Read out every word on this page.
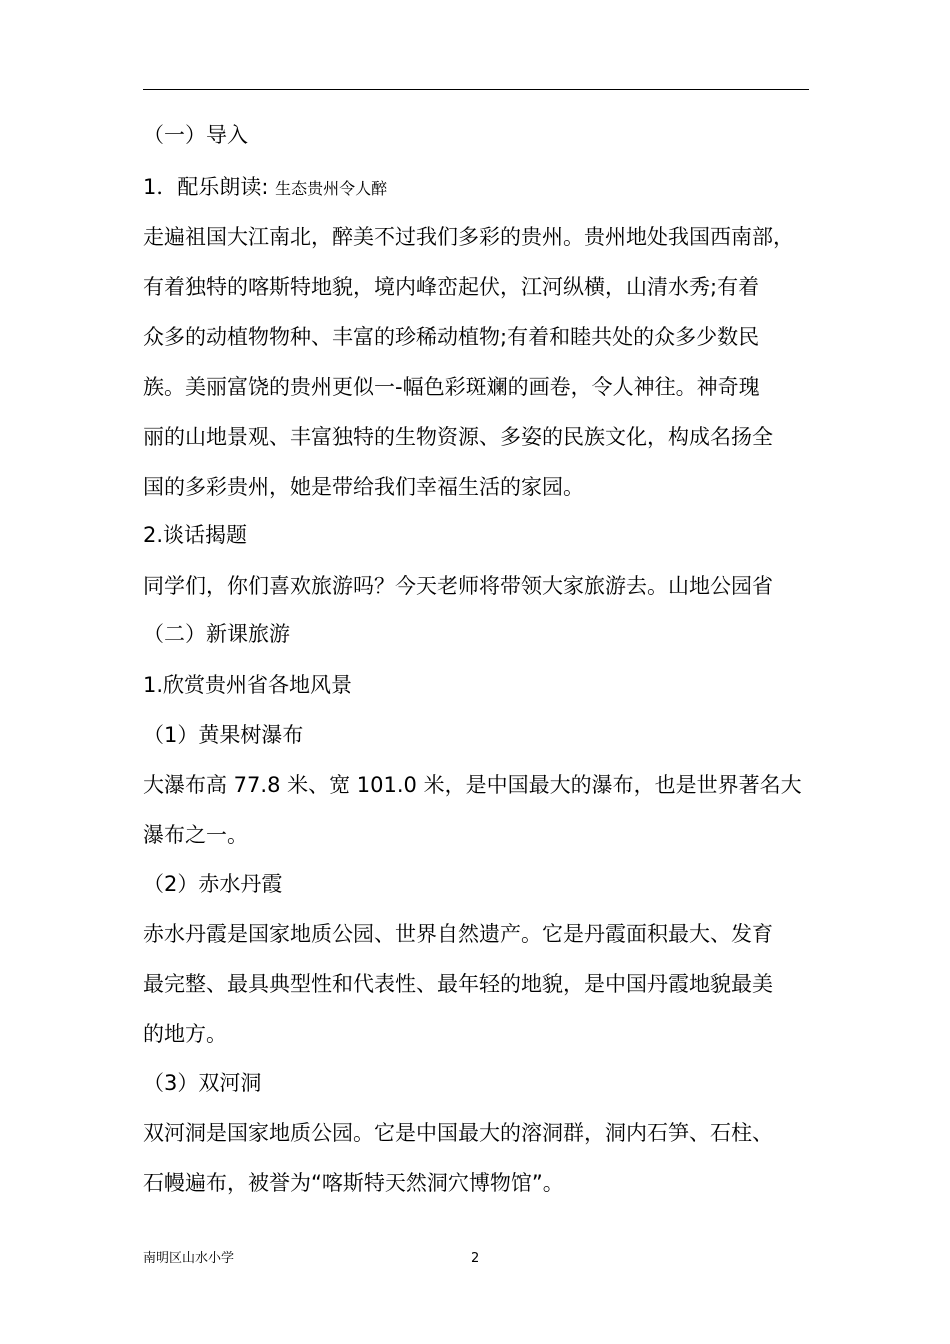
（一）导入
1．配乐朗读: 生态贵州令人醉
走遍祖国大江南北，醉美不过我们多彩的贵州。贵州地处我国西南部，
有着独特的喀斯特地貌，境内峰峦起伏，江河纵横，山清水秀;有着
众多的动植物物种、丰富的珍稀动植物;有着和睦共处的众多少数民
族。美丽富饶的贵州更似一-幅色彩斑斓的画卷，令人神往。神奇瑰
丽的山地景观、丰富独特的生物资源、多姿的民族文化，构成名扬全
国的多彩贵州，她是带给我们幸福生活的家园。
2.谈话揭题
同学们，你们喜欢旅游吗？今天老师将带领大家旅游去。山地公园省
（二）新课旅游
1.欣赏贵州省各地风景
（1）黄果树瀑布
大瀑布高 77.8 米、宽 101.0 米，是中国最大的瀑布，也是世界著名大
瀑布之一。
（2）赤水丹霞
赤水丹霞是国家地质公园、世界自然遗产。它是丹霞面积最大、发育
最完整、最具典型性和代表性、最年轻的地貌，是中国丹霞地貌最美
的地方。
（3）双河洞
双河洞是国家地质公园。它是中国最大的溶洞群，洞内石笋、石柱、
石幔遍布，被誉为“喀斯特天然洞穴博物馆”。
南明区山水小学	2
